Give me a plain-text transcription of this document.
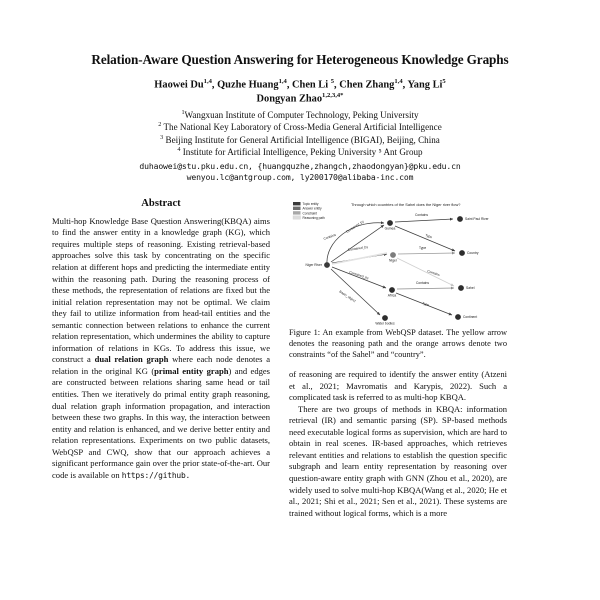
Relation-Aware Question Answering for Heterogeneous Knowledge Graphs

Haowei Du$^{1,4}$, Quzhe Huang$^{1,4}$, Chen Li $^5$, Chen Zhang$^{1,4}$, Yang Li$^5$

Dongyan Zhao$^{1,2,3,4*}$

$^1$Wangxuan Institute of Computer Technology, Peking University

$^2$ The National Key Laboratory of Cross-Media General Artificial Intelligence

$^3$ Beijing Institute for General Artificial Intelligence (BIGAI), Beijing, China

$^4$ Institute for Artificial Intelligence, Peking University ⁵ Ant Group

duhaowei@stu.pku.edu.cn, {huangquzhe,zhangch,zhaodongyan}@pku.edu.cn

wenyou.lc@antgroup.com, ly200170@alibaba-inc.com

Abstract

Multi-hop Knowledge Base Question Answering(KBQA) aims to find the answer entity in a knowledge graph (KG), which requires multiple steps of reasoning. Existing retrieval-based approaches solve this task by concentrating on the specific relation at different hops and predicting the intermediate entity within the reasoning path. During the reasoning process of these methods, the representation of relations are fixed but the initial relation representation may not be optimal. We claim they fail to utilize information from head-tail entities and the semantic connection between relations to enhance the current relation representation, which undermines the ability to capture information of relations in KGs. To address this issue, we construct a dual relation graph where each node denotes a relation in the original KG (primal entity graph) and edges are constructed between relations sharing same head or tail entities. Then we iteratively do primal entity graph reasoning, dual relation graph information propagation, and interaction between these two graphs. In this way, the interaction between entity and relation is enhanced, and we derive better entity and relation representations. Experiments on two public datasets, WebQSP and CWQ, show that our approach achieves a significant performance gain over the prior state-of-the-art. Our code is available on https://github.

Through which countries of the Sahel does the Niger river flow?
Topic entity
Answer entity
Constraint
Reasoning path
Contains
Contained_by
Contained_by
Contained_by
Basin_object
Contains
Type
Type
Contains
Contains
Type
Niger River
Guinea
Niger
Africa
Water bodies
Saint Paul River
Country
Sahel
Continent
Figure 1: An example from WebQSP dataset. The yellow arrow denotes the reasoning path and the orange arrows denote two constraints “of the Sahel” and “country”.

of reasoning are required to identify the answer entity (Atzeni et al., 2021; Mavromatis and Karypis, 2022). Such a complicated task is referred to as multi-hop KBQA.

There are two groups of methods in KBQA: information retrieval (IR) and semantic parsing (SP). SP-based methods need executable logical forms as supervision, which are hard to obtain in real scenes. IR-based approaches, which retrieves relevant entities and relations to establish the question specific subgraph and learn entity representation by reasoning over question-aware entity graph with GNN (Zhou et al., 2020), are widely used to solve multi-hop KBQA(Wang et al., 2020; He et al., 2021; Shi et al., 2021; Sen et al., 2021). These systems are trained without logical forms, which is a more
